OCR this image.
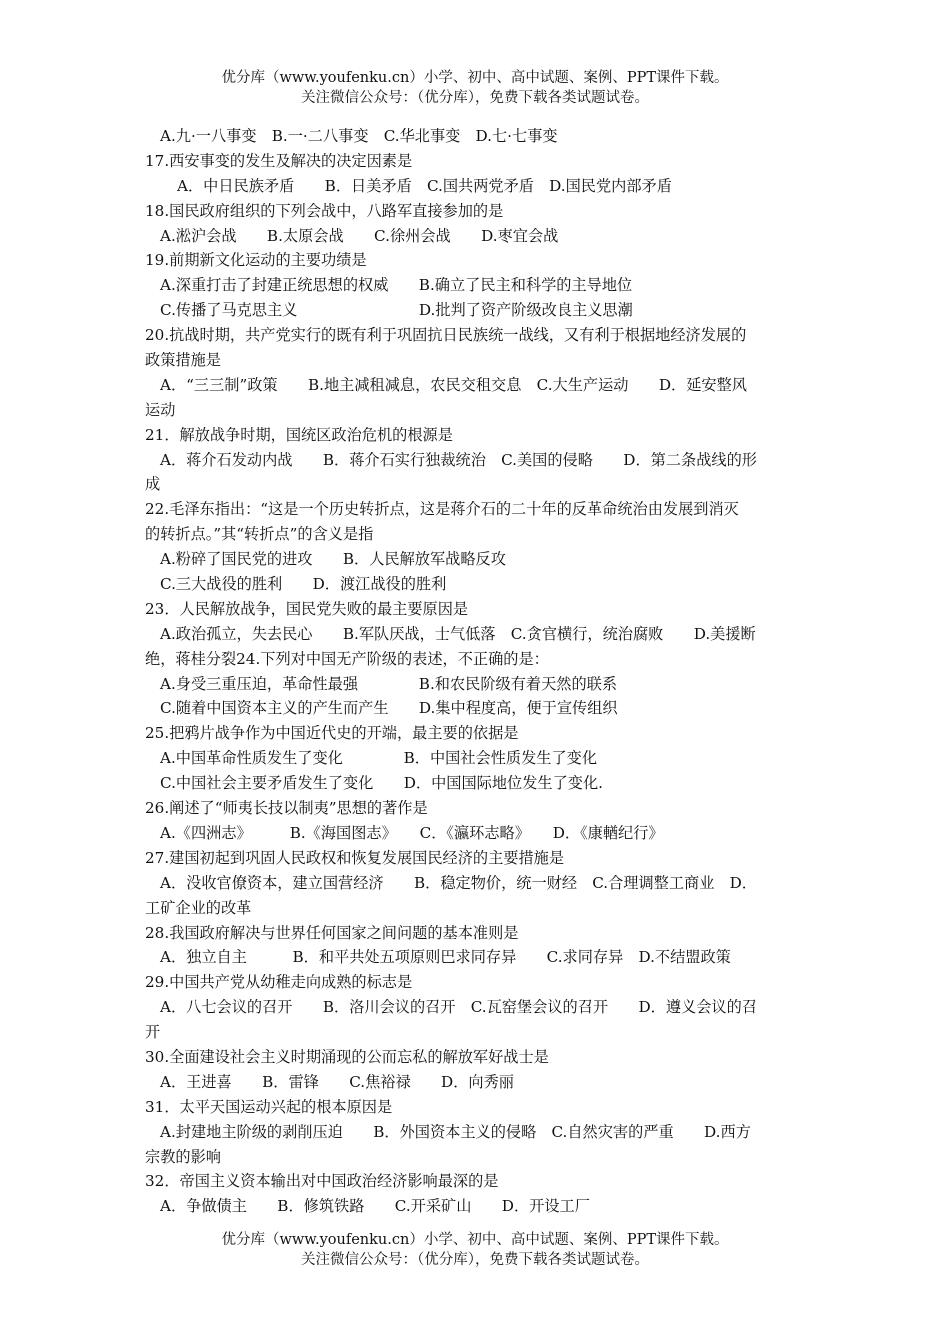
优分库（www.youfenku.cn）小学、初中、高中试题、案例、PPT课件下载。
关注微信公众号：（优分库），免费下载各类试题试卷。
A.九·一八事变　B.一·二八事变　C.华北事变　D.七·七事变
17.西安事变的发生及解决的决定因素是
A．中日民族矛盾　　B．日美矛盾　C.国共两党矛盾　D.国民党内部矛盾
18.国民政府组织的下列会战中，八路军直接参加的是
A.淞沪会战　　B.太原会战　　C.徐州会战　　D.枣宜会战
19.前期新文化运动的主要功绩是
A.深重打击了封建正统思想的权威　　B.确立了民主和科学的主导地位
C.传播了马克思主义　　　　　　　　D.批判了资产阶级改良主义思潮
20.抗战时期，共产党实行的既有利于巩固抗日民族统一战线，又有利于根据地经济发展的
政策措施是
A．“三三制”政策　　B.地主减租减息，农民交租交息　C.大生产运动　　D．延安整风
运动
21．解放战争时期，国统区政治危机的根源是
A．蒋介石发动内战　　B．蒋介石实行独裁统治　C.美国的侵略　　D．第二条战线的形
成
22.毛泽东指出：“这是一个历史转折点，这是蒋介石的二十年的反革命统治由发展到消灭
的转折点。”其“转折点”的含义是指
A.粉碎了国民党的进攻　　B．人民解放军战略反攻
C.三大战役的胜利　　D．渡江战役的胜利
23．人民解放战争，国民党失败的最主要原因是
A.政治孤立，失去民心　　B.军队厌战，士气低落　C.贪官横行，统治腐败　　D.美援断
绝，蒋桂分裂24.下列对中国无产阶级的表述，不正确的是：
A.身受三重压迫，革命性最强　　　　B.和农民阶级有着天然的联系
C.随着中国资本主义的产生而产生　　D.集中程度高，便于宣传组织
25.把鸦片战争作为中国近代史的开端，最主要的依据是
A.中国革命性质发生了变化　　　　B．中国社会性质发生了变化
C.中国社会主要矛盾发生了变化　　D．中国国际地位发生了变化.
26.阐述了“师夷长技以制夷”思想的著作是
A.《四洲志》　　　B.《海国图志》　　C．《瀛环志略》　　D．《康輶纪行》
27.建国初起到巩固人民政权和恢复发展国民经济的主要措施是
A．没收官僚资本，建立国营经济　　B．稳定物价，统一财经　C.合理调整工商业　D．
工矿企业的改革
28.我国政府解决与世界任何国家之间问题的基本准则是
A．独立自主　　　B．和平共处五项原则巴求同存异　　C.求同存异　D.不结盟政策
29.中国共产党从幼稚走向成熟的标志是
A．八七会议的召开　　B．洛川会议的召开　C.瓦窑堡会议的召开　　D．遵义会议的召
开
30.全面建设社会主义时期涌现的公而忘私的解放军好战士是
A．王进喜　　B．雷锋　　C.焦裕禄　　D．向秀丽
31．太平天国运动兴起的根本原因是
A.封建地主阶级的剥削压迫　　B．外国资本主义的侵略　C.自然灾害的严重　　D.西方
宗教的影响
32．帝国主义资本输出对中国政治经济影响最深的是
A．争做债主　　B．修筑铁路　　C.开采矿山　　D．开设工厂
优分库（www.youfenku.cn）小学、初中、高中试题、案例、PPT课件下载。
关注微信公众号：（优分库），免费下载各类试题试卷。
